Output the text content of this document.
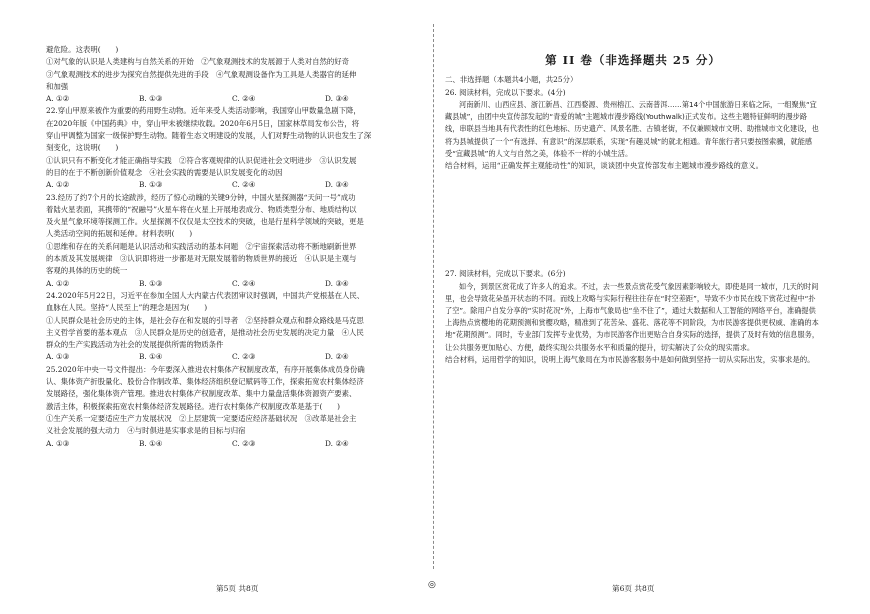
避危险。这表明(　　)

①对气象的认识是人类建构与自然关系的开始　②气象观测技术的发展源于人类对自然的好奇

③气象观测技术的进步为探究自然提供先进的手段　④气象观测设备作为工具是人类器官的延伸

和加强

A. ①②	B. ①③	C. ②④	D. ③④

22.穿山甲原来被作为重要的药用野生动物。近年来受人类活动影响，我国穿山甲数量急剧下降，

在2020年版《中国药典》中，穿山甲未被继续收载。2020年6月5日，国家林草局发布公告，将

穿山甲调整为国家一级保护野生动物。随着生态文明建设的发展，人们对野生动物的认识也发生了深

刻变化，这说明(　　)

①认识只有不断变化才能正确指导实践　②符合客观规律的认识促进社会文明进步　③认识发展

的目的在于不断创新价值观念　④社会实践的需要是认识发展变化的动因

A. ①②	B. ①③	C. ②④	D. ③④

23.经历了约7个月的长途跋涉，经历了惊心动魄的关键9分钟，中国火星探测器“天问一号”成功

着陆火星表面，其携带的“祝融号”火星车将在火星上开展地表成分、物质类型分布、地质结构以

及火星气象环境等探测工作。火星探测不仅仅是太空技术的突破，也是行星科学领域的突破，更是

人类活动空间的拓展和延伸。材料表明(　　)

①思维和存在的关系问题是认识活动和实践活动的基本问题　②宇宙探索活动将不断地刷新世界

的本质及其发展规律　③认识即将进一步都是对无限发展着的物质世界的接近　④认识是主观与

客观的具体的历史的统一

A. ①②	B. ①③	C. ②④	D. ③④

24.2020年5月22日，习近平在参加全国人大内蒙古代表团审议时强调，中国共产党根基在人民、

血脉在人民。坚持“人民至上”的理念是因为(　　)

①人民群众是社会历史的主体，是社会存在和发展的引导者　②坚持群众观点和群众路线是马克思

主义哲学首要的基本观点　③人民群众是历史的创造者，是推动社会历史发展的决定力量　④人民

群众的生产实践活动为社会的发展提供所需的物质条件

A. ①③	B. ①④	C. ②③	D. ②④

25.2020年中央一号文件提出：今年要深入推进农村集体产权制度改革，有序开展集体成员身份确

认、集体资产折股量化、股份合作制改革、集体经济组织登记赋码等工作，探索拓宽农村集体经济

发展路径，强化集体资产管理。推进农村集体产权制度改革、集中力量盘活集体资源资产要素、

激活主体，积极探索拓宽农村集体经济发展路径。进行农村集体产权制度改革是基于(　　)

①生产关系一定要适应生产力发展状况　②上层建筑一定要适应经济基础状况　③改革是社会主

义社会发展的强大动力　④与时俱进是实事求是的目标与归宿

A. ①③	B. ①④	C. ②③	D. ②④
第 II 卷（非选择题共 25 分）

二、非选择题（本题共4小题，共25分）

26. 阅读材料，完成以下要求。(4分)

河南新川、山西应县、浙江新昌、江西婺源、贵州榕江、云南普洱……第14个中国旅游日来临之际，一组聚焦“宜藏县城”，由团中央宣传部发起的“青爱的城”主题城市漫步路线(Youthwalk)正式发布。这些主题特征鲜明的漫步路线，串联县当地具有代表性的红色地标、历史遗产、风景名胜、古镇老街，不仅兼顾城市文明、助推城市文化建设，也将为县城提供了一个“有选择、有意识”的深层联系，实现“有趣灵城”的就北相通。青年旅行者只要按图索骥，就能感受“宜藏县城”的人文与自然之美，体验不一样的小城生活。

结合材料，运用“正确发挥主观能动性”的知识，谈谈团中央宣传部发布主题城市漫步路线的意义。

27. 阅读材料，完成以下要求。(6分)

如今，到景区赏花成了许多人的追求。不过，去一些景点赏花受气象因素影响较大，即使是同一城市，几天的时间里，也会导致花朵虽开状态的不同。而线上攻略与实际行程往往存在“时空差距”，导致不少市民在线下赏花过程中“扑了空”。除用户自发分享的“实时花况”外，上海市气象局也“坐不住了”，通过大数据和人工智能的网络平台，准确提供上海热点赏樱地的花期预测和赏樱攻略，精准到了花苦朵、盛花、落花等不同阶段，为市民游客提供更权威、准确的本地“花期预测”。同时，专业部门发挥专业优势，为市民游客作出更贴合自身实际的选择，提供了及时有效的信息服务，让公共服务更加贴心、方便，最终实现公共服务水平和质量的提升，切实解决了公众的现实需求。

结合材料，运用哲学的知识，说明上海气象局在为市民游客服务中是如何做到坚持一切从实际出发，实事求是的。

第5页 共8页	◎	第6页 共8页
